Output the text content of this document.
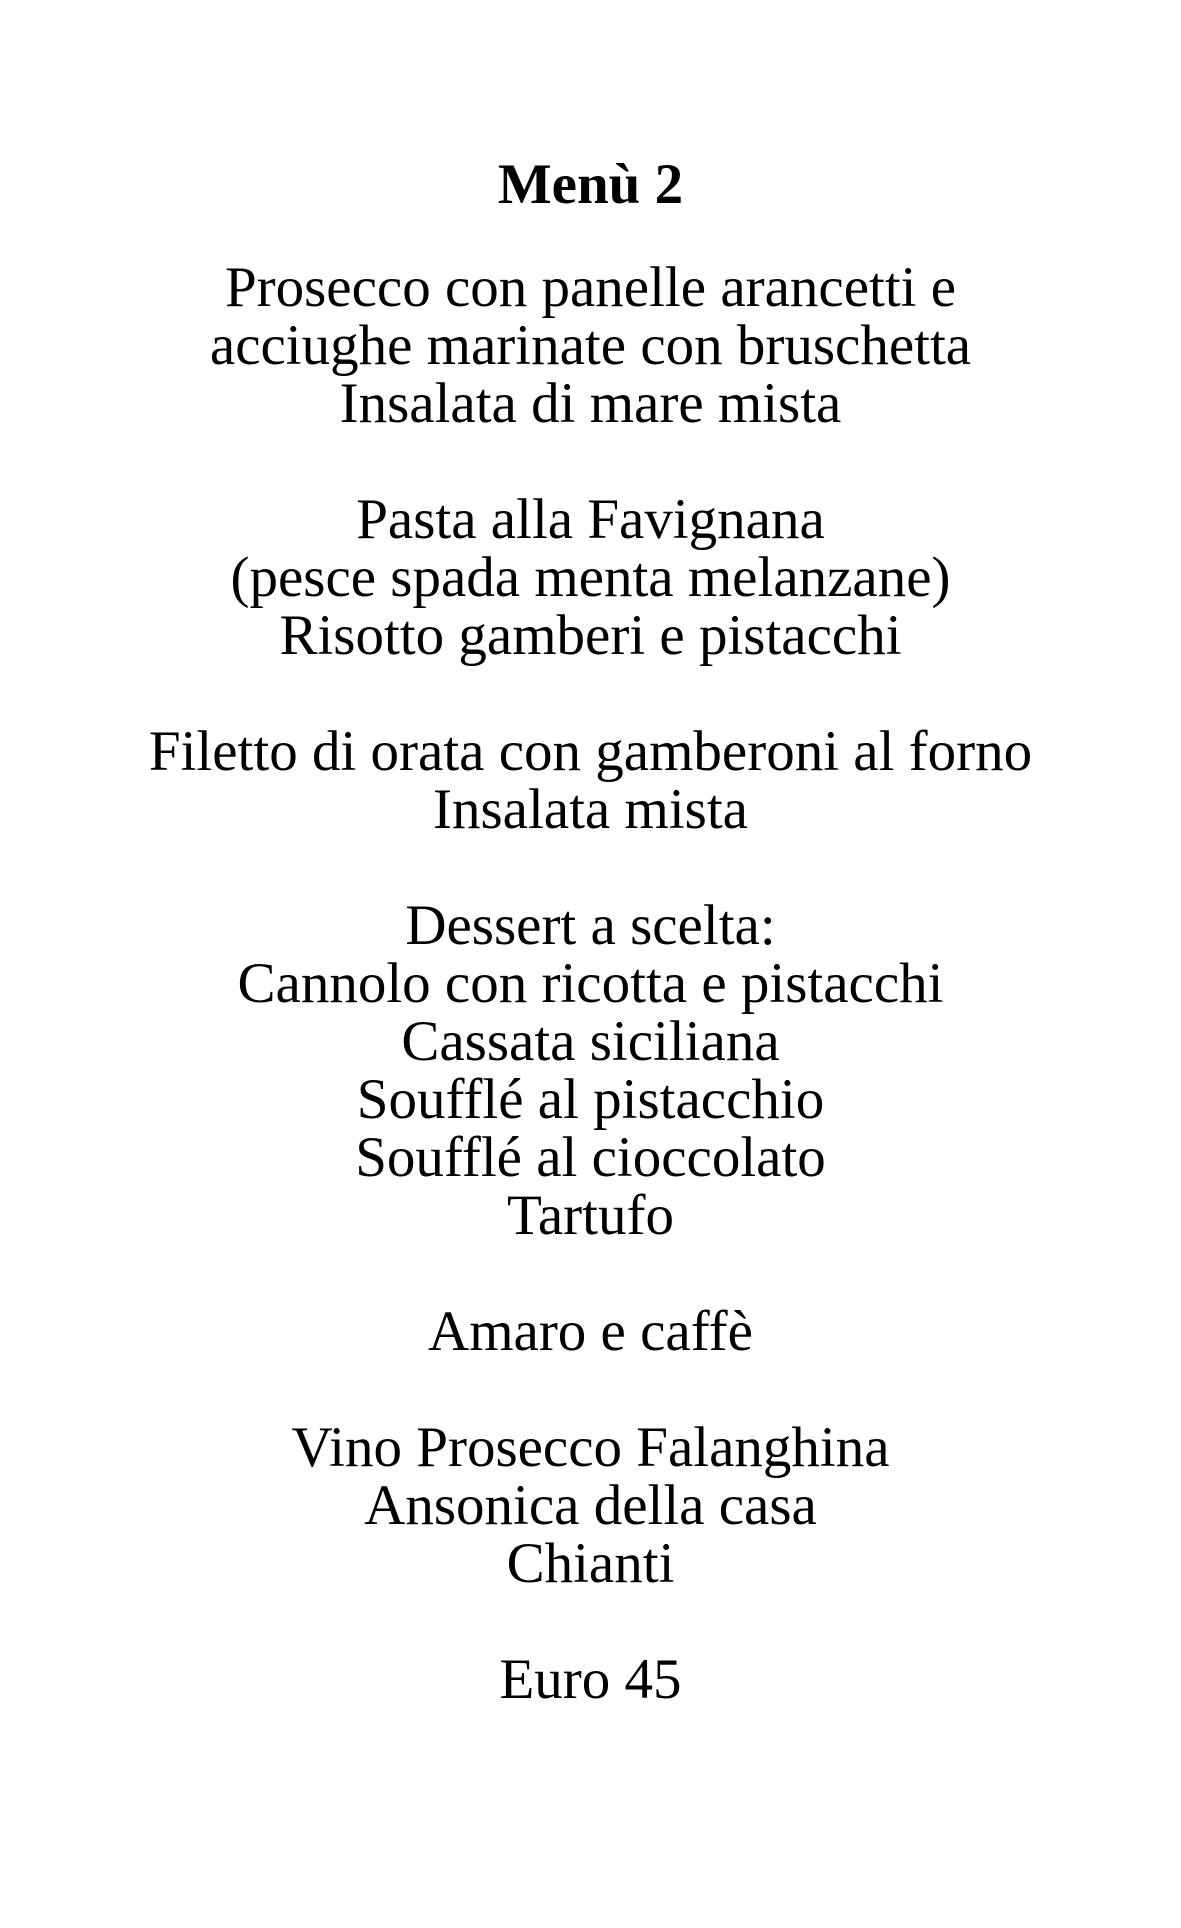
Menù 2
Prosecco con panelle arancetti e
acciughe marinate con bruschetta
Insalata di mare mista
Pasta alla Favignana
(pesce spada menta melanzane)
Risotto gamberi e pistacchi
Filetto di orata con gamberoni al forno
Insalata mista
Dessert a scelta:
Cannolo con ricotta e pistacchi
Cassata siciliana
Soufflé al pistacchio
Soufflé al cioccolato
Tartufo
Amaro e caffè
Vino Prosecco Falanghina
Ansonica della casa
Chianti
Euro 45
